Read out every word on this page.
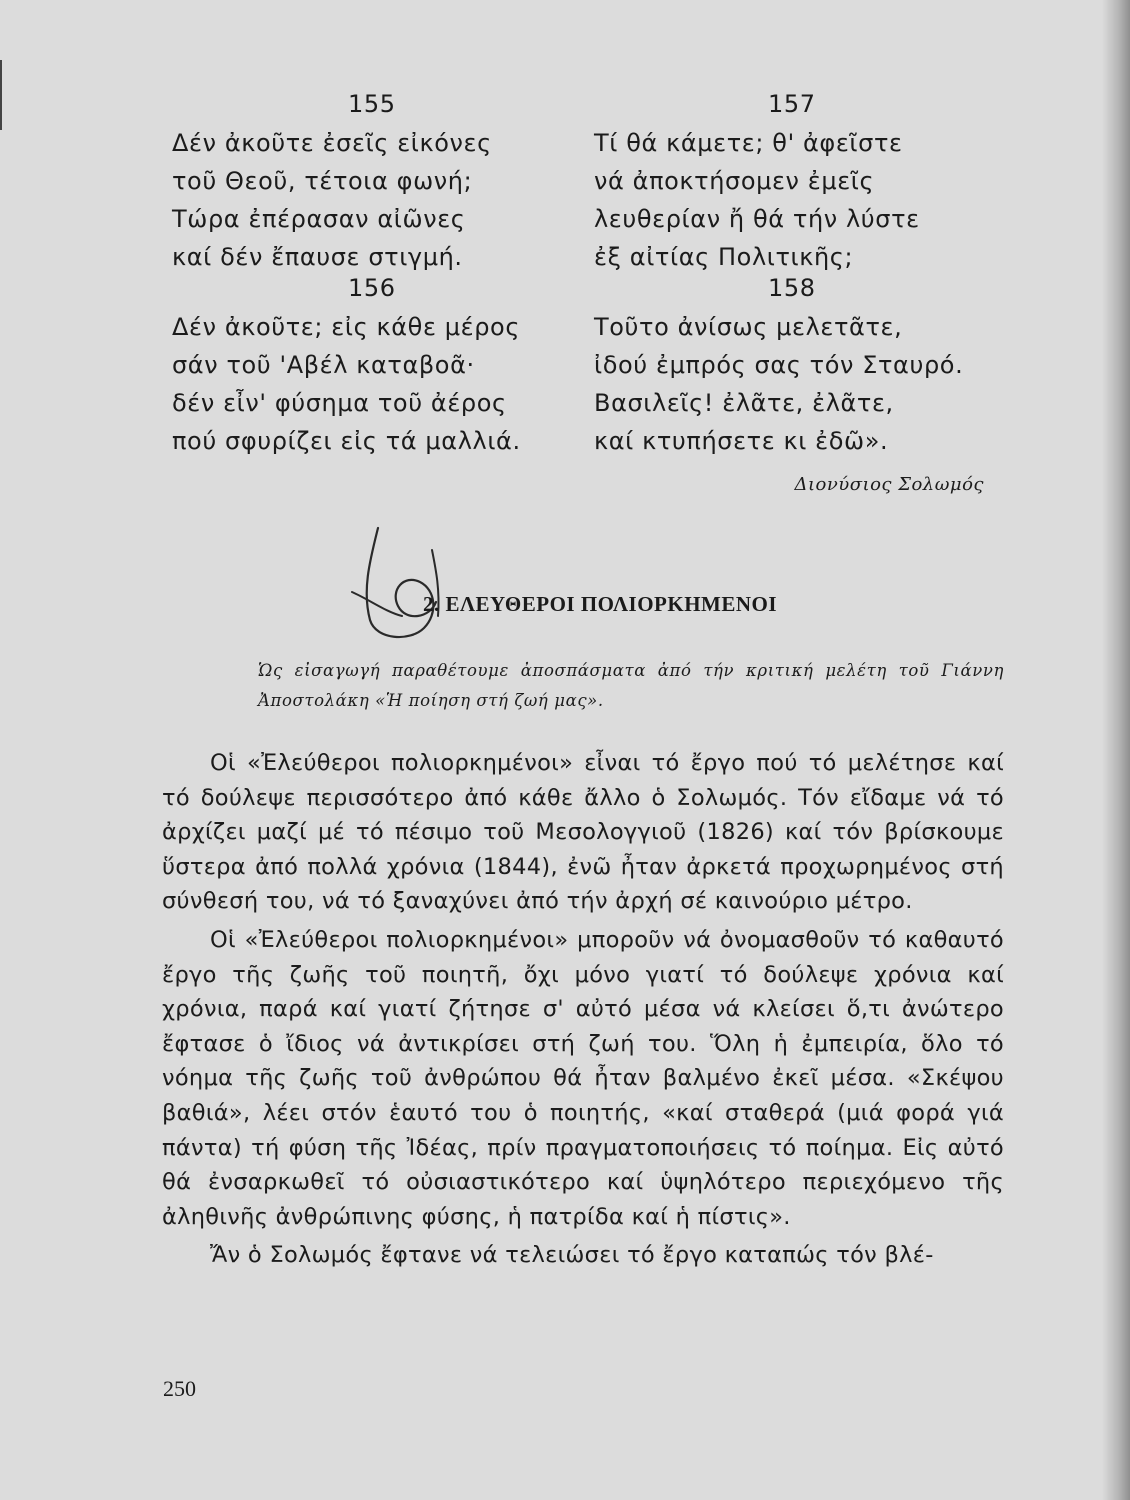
155
Δέν ἀκοῦτε ἐσεῖς εἰκόνες
τοῦ Θεοῦ, τέτοια φωνή;
Τώρα ἐπέρασαν αἰῶνες
καί δέν ἔπαυσε στιγμή.
156
Δέν ἀκοῦτε; εἰς κάθε μέρος
σάν τοῦ 'Αβέλ καταβοᾶ·
δέν εἶν' φύσημα τοῦ ἀέρος
πού σφυρίζει εἰς τά μαλλιά.
157
Τί θά κάμετε; θ' ἀφεῖστε
νά ἀποκτήσομεν ἐμεῖς
λευθερίαν ἤ θά τήν λύστε
ἐξ αἰτίας Πολιτικῆς;
158
Τοῦτο ἀνίσως μελετᾶτε,
ἰδού ἐμπρός σας τόν Σταυρό.
Βασιλεῖς! ἐλᾶτε, ἐλᾶτε,
καί κτυπήσετε κι ἐδῶ».
Διονύσιος Σολωμός
2. ΕΛΕΥΘΕΡΟΙ ΠΟΛΙΟΡΚΗΜΕΝΟΙ
Ὡς εἰσαγωγή παραθέτουμε ἀποσπάσματα ἀπό τήν κριτική μελέτη τοῦ Γιάννη Ἀποστολάκη «Ἡ ποίηση στή ζωή μας».

Οἱ «Ἐλεύθεροι πολιορκημένοι» εἶναι τό ἔργο πού τό μελέτησε καί τό δούλεψε περισσότερο ἀπό κάθε ἄλλο ὁ Σολωμός. Τόν εἴδαμε νά τό ἀρχίζει μαζί μέ τό πέσιμο τοῦ Μεσολογγιοῦ (1826) καί τόν βρίσκουμε ὕστερα ἀπό πολλά χρόνια (1844), ἐνῶ ἦταν ἀρκετά προχωρημένος στή σύνθεσή του, νά τό ξαναχύνει ἀπό τήν ἀρχή σέ καινούριο μέτρο.

Οἱ «Ἐλεύθεροι πολιορκημένοι» μποροῦν νά ὀνομασθοῦν τό καθαυτό ἔργο τῆς ζωῆς τοῦ ποιητῆ, ὄχι μόνο γιατί τό δούλεψε χρόνια καί χρόνια, παρά καί γιατί ζήτησε σ' αὐτό μέσα νά κλείσει ὅ,τι ἀνώτερο ἔφτασε ὁ ἴδιος νά ἀντικρίσει στή ζωή του. Ὅλη ἡ ἐμπειρία, ὅλο τό νόημα τῆς ζωῆς τοῦ ἀνθρώπου θά ἦταν βαλμένο ἐκεῖ μέσα. «Σκέψου βαθιά», λέει στόν ἑαυτό του ὁ ποιητής, «καί σταθερά (μιά φορά γιά πάντα) τή φύση τῆς Ἰδέας, πρίν πραγματοποιήσεις τό ποίημα. Εἰς αὐτό θά ἐνσαρκωθεῖ τό οὐσιαστικότερο καί ὑψηλότερο περιεχόμενο τῆς ἀληθινῆς ἀνθρώπινης φύσης, ἡ πατρίδα καί ἡ πίστις».

Ἄν ὁ Σολωμός ἔφτανε νά τελειώσει τό ἔργο καταπώς τόν βλέ-

250
